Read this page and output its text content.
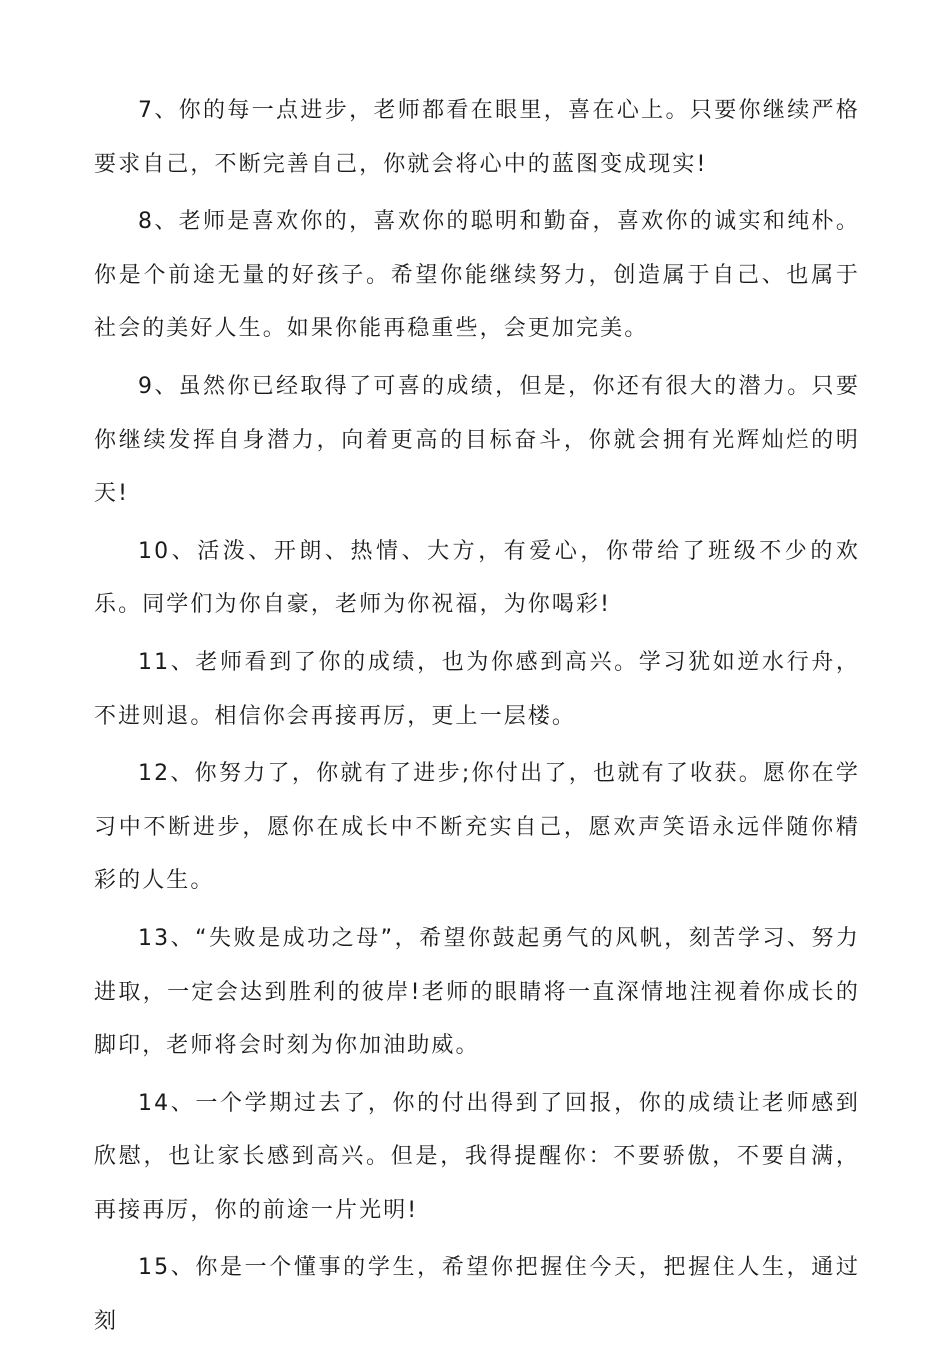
7、你的每一点进步，老师都看在眼里，喜在心上。只要你继续严格要求自己，不断完善自己，你就会将心中的蓝图变成现实!

8、老师是喜欢你的，喜欢你的聪明和勤奋，喜欢你的诚实和纯朴。你是个前途无量的好孩子。希望你能继续努力，创造属于自己、也属于社会的美好人生。如果你能再稳重些，会更加完美。

9、虽然你已经取得了可喜的成绩，但是，你还有很大的潜力。只要你继续发挥自身潜力，向着更高的目标奋斗，你就会拥有光辉灿烂的明天!

10、活泼、开朗、热情、大方，有爱心，你带给了班级不少的欢乐。同学们为你自豪，老师为你祝福，为你喝彩!

11、老师看到了你的成绩，也为你感到高兴。学习犹如逆水行舟，不进则退。相信你会再接再厉，更上一层楼。

12、你努力了，你就有了进步;你付出了，也就有了收获。愿你在学习中不断进步，愿你在成长中不断充实自己，愿欢声笑语永远伴随你精彩的人生。

13、“失败是成功之母”，希望你鼓起勇气的风帆，刻苦学习、努力进取，一定会达到胜利的彼岸!老师的眼睛将一直深情地注视着你成长的脚印，老师将会时刻为你加油助威。

14、一个学期过去了，你的付出得到了回报，你的成绩让老师感到欣慰，也让家长感到高兴。但是，我得提醒你：不要骄傲，不要自满，再接再厉，你的前途一片光明!

15、你是一个懂事的学生，希望你把握住今天，把握住人生，通过刻
